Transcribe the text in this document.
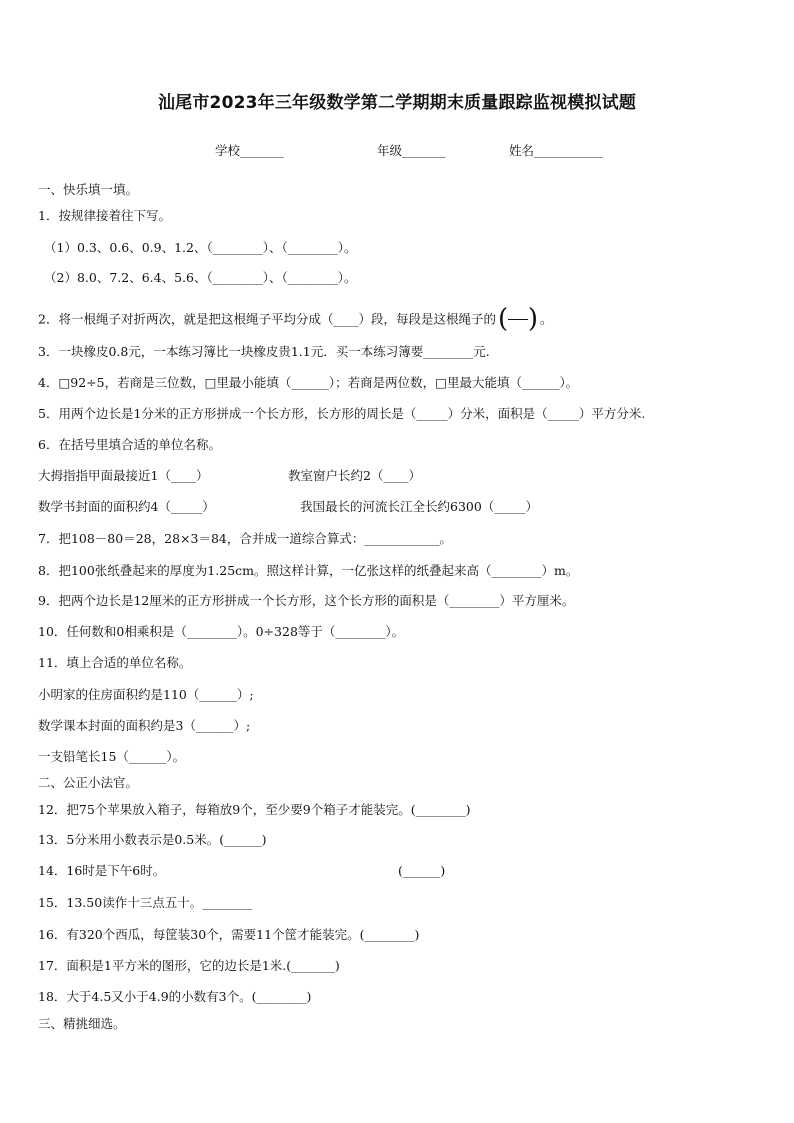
汕尾市2023年三年级数学第二学期期末质量跟踪监视模拟试题
学校_______	年级_______	姓名___________
一、快乐填一填。
1．按规律接着往下写。
（1）0.3、0.6、0.9、1.2、（________）、（________）。
（2）8.0、7.2、6.4、5.6、（________）、（________）。
2．将一根绳子对折两次，就是把这根绳子平均分成（____）段，每段是这根绳子的 ( ) 。
3．一块橡皮0.8元，一本练习簿比一块橡皮贵1.1元．买一本练习簿要________元.
4．□92÷5，若商是三位数，□里最小能填（______）；若商是两位数，□里最大能填（______）。
5．用两个边长是1分米的正方形拼成一个长方形，长方形的周长是（_____）分米，面积是（_____）平方分米.
6．在括号里填合适的单位名称。
大拇指指甲面最接近1（____）	教室窗户长约2（____）
数学书封面的面积约4（_____）	我国最长的河流长江全长约6300（_____）
7．把108－80＝28，28×3＝84，合并成一道综合算式：____________。
8．把100张纸叠起来的厚度为1.25cm。照这样计算，一亿张这样的纸叠起来高（________）m。
9．把两个边长是12厘米的正方形拼成一个长方形，这个长方形的面积是（________）平方厘米。
10．任何数和0相乘积是（________）。0÷328等于（________）。
11．填上合适的单位名称。
小明家的住房面积约是110（______）;
数学课本封面的面积约是3（______）;
一支铅笔长15（______）。
二、公正小法官。
12．把75个苹果放入箱子，每箱放9个，至少要9个箱子才能装完。(________)
13．5分米用小数表示是0.5米。(______)
14．16时是下午6时。	(______)
15．13.50读作十三点五十。________
16．有320个西瓜，每筐装30个，需要11个筐才能装完。(________)
17．面积是1平方米的图形，它的边长是1米.(_______)
18．大于4.5又小于4.9的小数有3个。(________)
三、精挑细选。
